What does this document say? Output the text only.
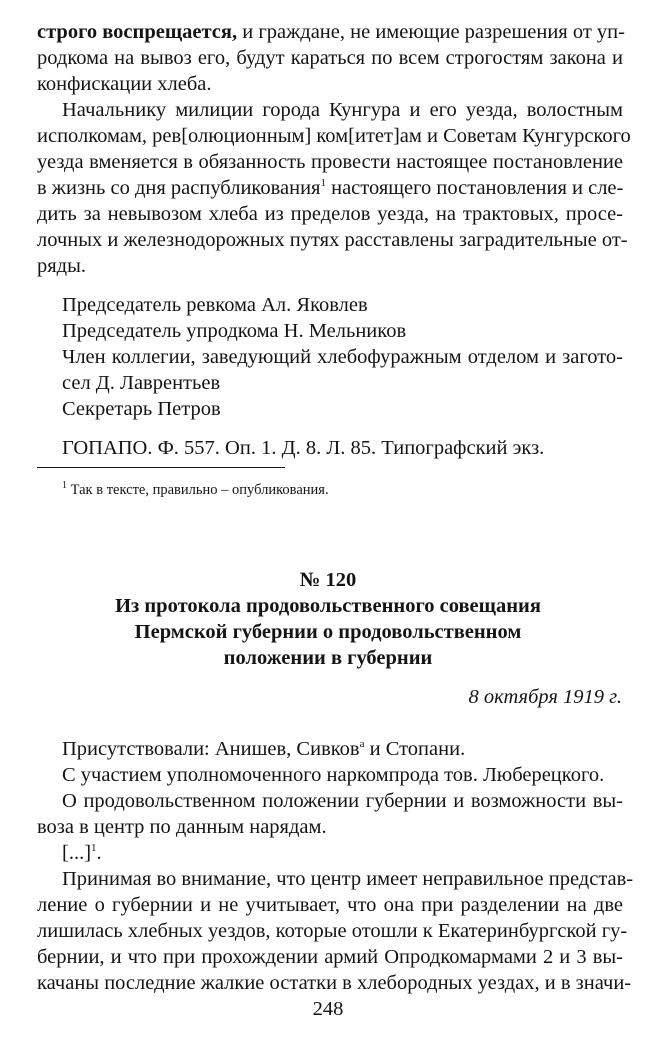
строго воспрещается, и граждане, не имеющие разрешения от уп-
родкома на вывоз его, будут караться по всем строгостям закона и
конфискации хлеба.
Начальнику милиции города Кунгура и его уезда, волостным
исполкомам, рев[олюционным] ком[итет]ам и Советам Кунгурского
уезда вменяется в обязанность провести настоящее постановление
в жизнь со дня распубликования$^1$ настоящего постановления и сле-
дить за невывозом хлеба из пределов уезда, на трактовых, просе-
лочных и железнодорожных путях расставлены заградительные от-
ряды.
Председатель ревкома Ал. Яковлев
Председатель упродкома Н. Мельников
Член коллегии, заведующий хлебофуражным отделом и загото-
сел Д. Лаврентьев
Секретарь Петров
ГОПАПО. Ф. 557. Оп. 1. Д. 8. Л. 85. Типографский экз.
$^1$ Так в тексте, правильно – опубликования.
№ 120
Из протокола продовольственного совещания
Пермской губернии о продовольственном
положении в губернии
8 октября 1919 г.
Присутствовали: Анишев, Сивков$^а$ и Стопани.
С участием уполномоченного наркомпрода тов. Люберецкого.
О продовольственном положении губернии и возможности вы-
воза в центр по данным нарядам.
[...]$^1$.
Принимая во внимание, что центр имеет неправильное представ-
ление о губернии и не учитывает, что она при разделении на две
лишилась хлебных уездов, которые отошли к Екатеринбургской гу-
бернии, и что при прохождении армий Опродкомармами 2 и 3 вы-
качаны последние жалкие остатки в хлебородных уездах, и в значи-
248
